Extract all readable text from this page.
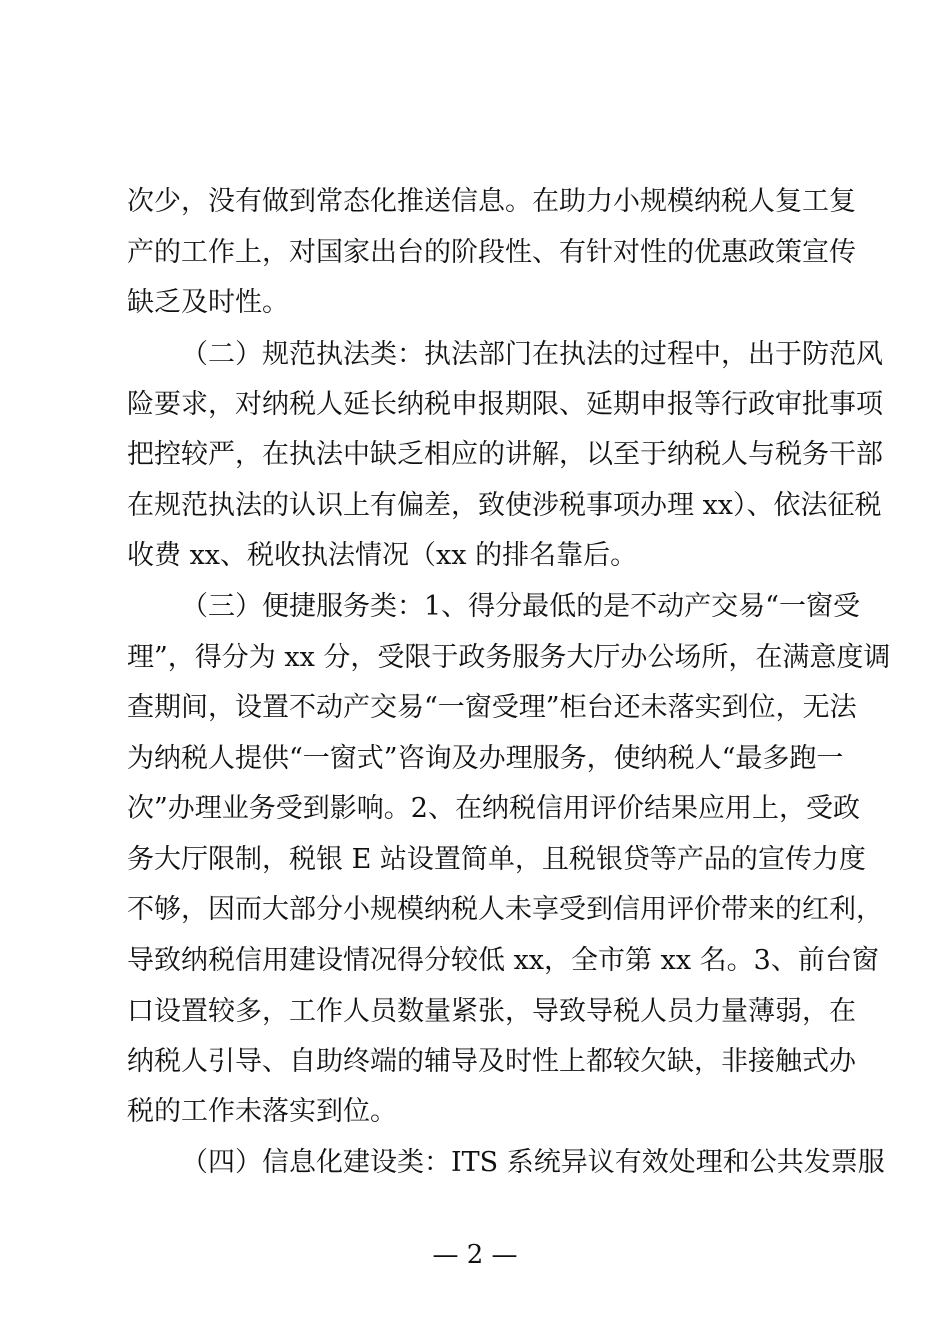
次少，没有做到常态化推送信息。在助力小规模纳税人复工复
产的工作上，对国家出台的阶段性、有针对性的优惠政策宣传
缺乏及时性。
（二）规范执法类：执法部门在执法的过程中，出于防范风
险要求，对纳税人延长纳税申报期限、延期申报等行政审批事项
把控较严，在执法中缺乏相应的讲解，以至于纳税人与税务干部
在规范执法的认识上有偏差，致使涉税事项办理 xx）、依法征税
收费 xx、税收执法情况（xx 的排名靠后。
（三）便捷服务类：1、得分最低的是不动产交易“一窗受
理”，得分为 xx 分，受限于政务服务大厅办公场所，在满意度调
查期间，设置不动产交易“一窗受理”柜台还未落实到位，无法
为纳税人提供“一窗式”咨询及办理服务，使纳税人“最多跑一
次”办理业务受到影响。2、在纳税信用评价结果应用上，受政
务大厅限制，税银 E 站设置简单，且税银贷等产品的宣传力度
不够，因而大部分小规模纳税人未享受到信用评价带来的红利，
导致纳税信用建设情况得分较低 xx，全市第 xx 名。3、前台窗
口设置较多，工作人员数量紧张，导致导税人员力量薄弱，在
纳税人引导、自助终端的辅导及时性上都较欠缺，非接触式办
税的工作未落实到位。
（四）信息化建设类：ITS 系统异议有效处理和公共发票服
— 2 —
